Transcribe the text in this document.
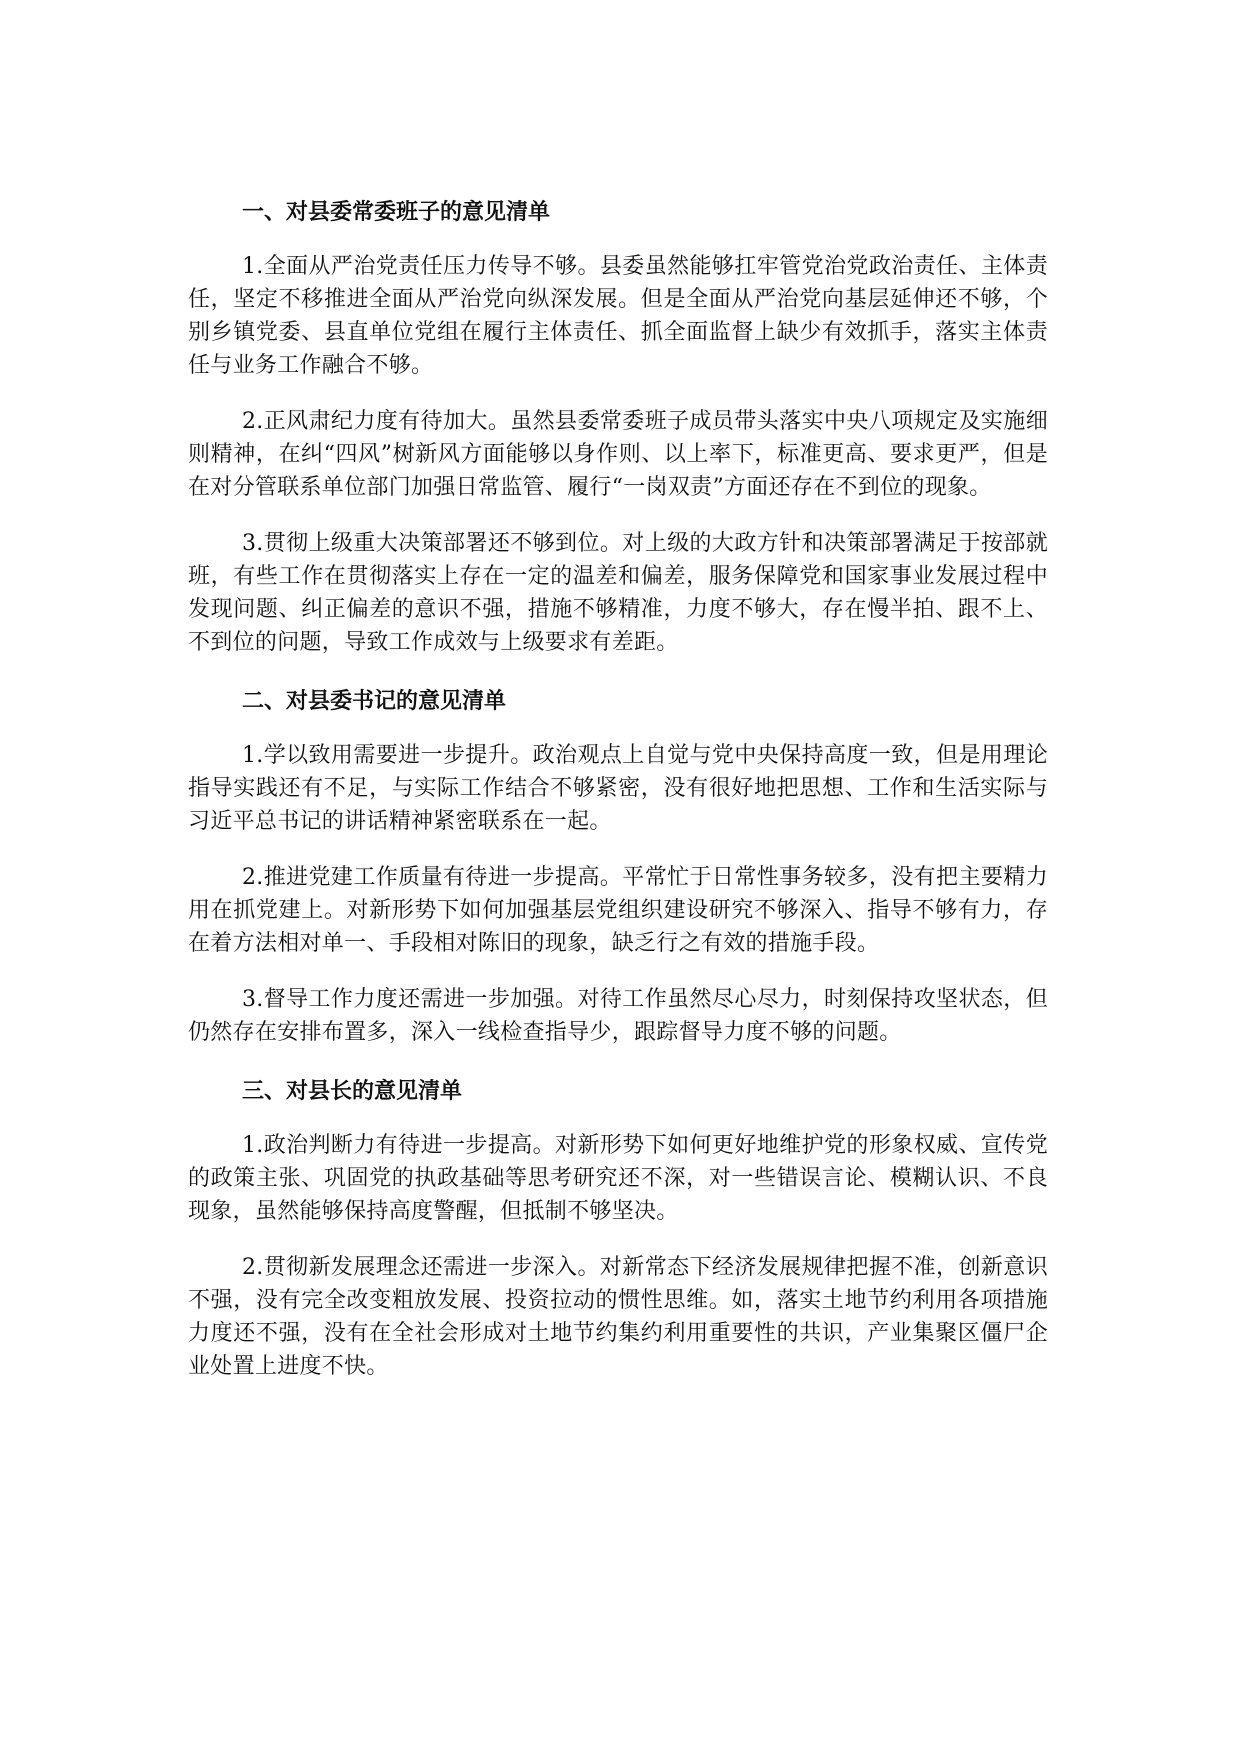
一、对县委常委班子的意见清单

1.全面从严治党责任压力传导不够。县委虽然能够扛牢管党治党政治责任、主体责任，坚定不移推进全面从严治党向纵深发展。但是全面从严治党向基层延伸还不够，个别乡镇党委、县直单位党组在履行主体责任、抓全面监督上缺少有效抓手，落实主体责任与业务工作融合不够。

2.正风肃纪力度有待加大。虽然县委常委班子成员带头落实中央八项规定及实施细则精神，在纠“四风”树新风方面能够以身作则、以上率下，标准更高、要求更严，但是在对分管联系单位部门加强日常监管、履行“一岗双责”方面还存在不到位的现象。

3.贯彻上级重大决策部署还不够到位。对上级的大政方针和决策部署满足于按部就班，有些工作在贯彻落实上存在一定的温差和偏差，服务保障党和国家事业发展过程中发现问题、纠正偏差的意识不强，措施不够精准，力度不够大，存在慢半拍、跟不上、不到位的问题，导致工作成效与上级要求有差距。

二、对县委书记的意见清单

1.学以致用需要进一步提升。政治观点上自觉与党中央保持高度一致，但是用理论指导实践还有不足，与实际工作结合不够紧密，没有很好地把思想、工作和生活实际与习近平总书记的讲话精神紧密联系在一起。

2.推进党建工作质量有待进一步提高。平常忙于日常性事务较多，没有把主要精力用在抓党建上。对新形势下如何加强基层党组织建设研究不够深入、指导不够有力，存在着方法相对单一、手段相对陈旧的现象，缺乏行之有效的措施手段。

3.督导工作力度还需进一步加强。对待工作虽然尽心尽力，时刻保持攻坚状态，但仍然存在安排布置多，深入一线检查指导少，跟踪督导力度不够的问题。

三、对县长的意见清单

1.政治判断力有待进一步提高。对新形势下如何更好地维护党的形象权威、宣传党的政策主张、巩固党的执政基础等思考研究还不深，对一些错误言论、模糊认识、不良现象，虽然能够保持高度警醒，但抵制不够坚决。

2.贯彻新发展理念还需进一步深入。对新常态下经济发展规律把握不准，创新意识不强，没有完全改变粗放发展、投资拉动的惯性思维。如，落实土地节约利用各项措施力度还不强，没有在全社会形成对土地节约集约利用重要性的共识，产业集聚区僵尸企业处置上进度不快。
